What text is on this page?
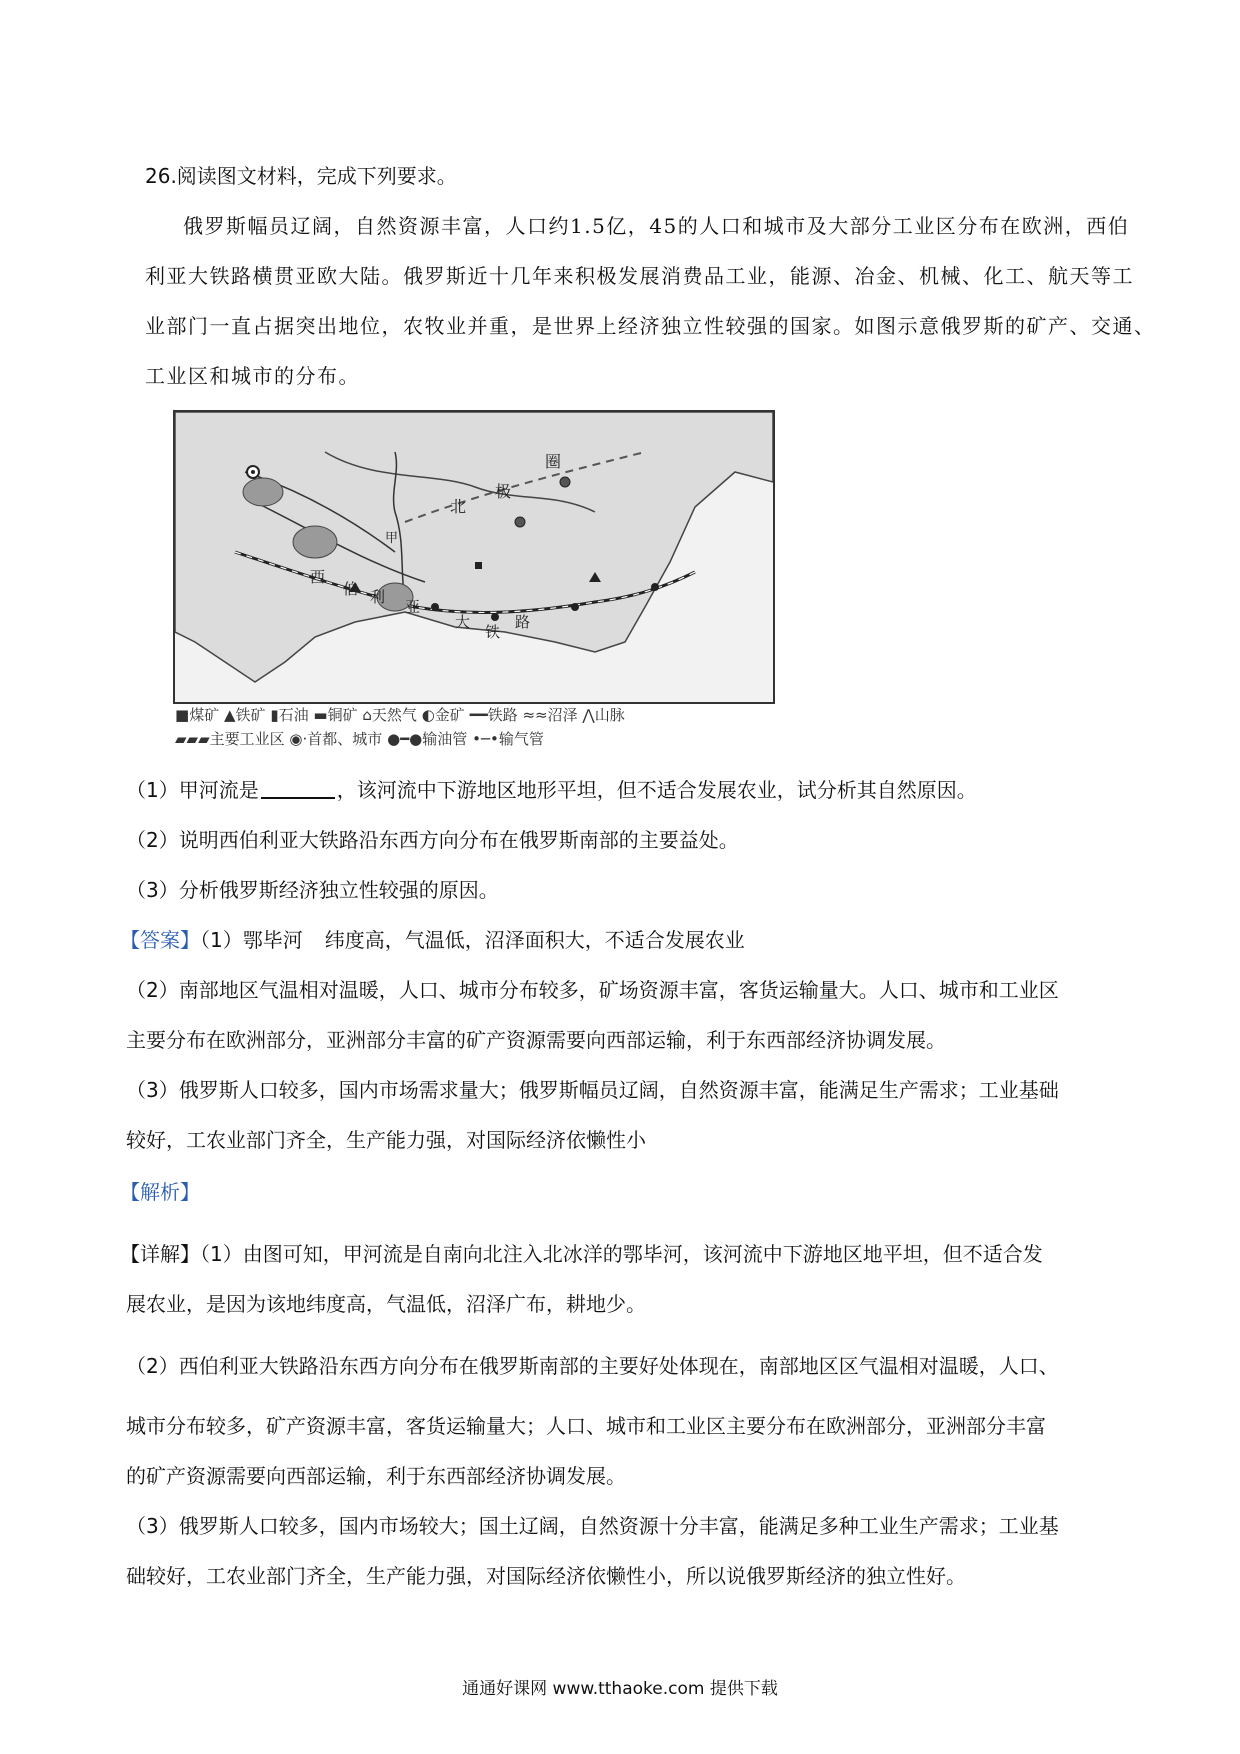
26.阅读图文材料，完成下列要求。
俄罗斯幅员辽阔，自然资源丰富，人口约1.5亿，45的人口和城市及大部分工业区分布在欧洲，西伯
利亚大铁路横贯亚欧大陆。俄罗斯近十几年来积极发展消费品工业，能源、冶金、机械、化工、航天等工
业部门一直占据突出地位，农牧业并重，是世界上经济独立性较强的国家。如图示意俄罗斯的矿产、交通、
工业区和城市的分布。
北
极
圈
甲
西
伯 利
亚
大
铁
路
■煤矿 ▲铁矿 ▮石油 ▬铜矿 ⌂天然气 ◐金矿 ━━铁路 ≈≈沼泽 ⋀山脉
▰▰▰主要工业区 ◉·首都、城市 ●━●输油管 •─•输气管
（1）甲河流是	，该河流中下游地区地形平坦，但不适合发展农业，试分析其自然原因。
（2）说明西伯利亚大铁路沿东西方向分布在俄罗斯南部的主要益处。
（3）分析俄罗斯经济独立性较强的原因。
【答案】（1）鄂毕河 纬度高，气温低，沼泽面积大，不适合发展农业
（2）南部地区气温相对温暖，人口、城市分布较多，矿场资源丰富，客货运输量大。人口、城市和工业区
主要分布在欧洲部分，亚洲部分丰富的矿产资源需要向西部运输，利于东西部经济协调发展。
（3）俄罗斯人口较多，国内市场需求量大；俄罗斯幅员辽阔，自然资源丰富，能满足生产需求；工业基础
较好，工农业部门齐全，生产能力强，对国际经济依懒性小
【解析】
【详解】（1）由图可知，甲河流是自南向北注入北冰洋的鄂毕河，该河流中下游地区地平坦，但不适合发
展农业，是因为该地纬度高，气温低，沼泽广布，耕地少。
（2）西伯利亚大铁路沿东西方向分布在俄罗斯南部的主要好处体现在，南部地区区气温相对温暖，人口、
城市分布较多，矿产资源丰富，客货运输量大；人口、城市和工业区主要分布在欧洲部分，亚洲部分丰富
的矿产资源需要向西部运输，利于东西部经济协调发展。
（3）俄罗斯人口较多，国内市场较大；国土辽阔，自然资源十分丰富，能满足多种工业生产需求；工业基
础较好，工农业部门齐全，生产能力强，对国际经济依懒性小，所以说俄罗斯经济的独立性好。
通通好课网 www.tthaoke.com 提供下载
